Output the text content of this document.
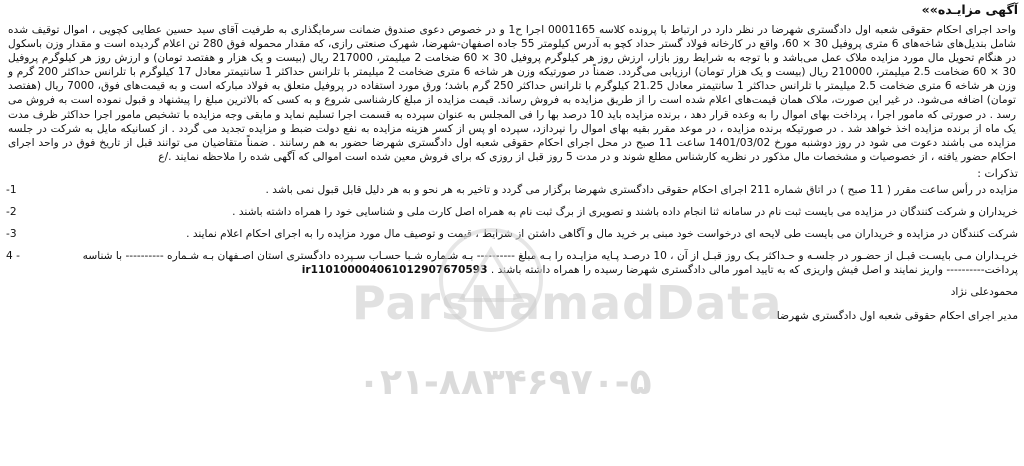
آگهی مزایـده»»

واحد اجرای احکام حقوقی شعبه اول دادگستری شهرضا در نظر دارد در ارتباط با پرونده کلاسه 0001165 اجرا ح1 و در خصوص دعوی صندوق ضمانت سرمایگذاری به طرفیت آقای سید حسین عطایی کچویی ، اموال توقیف شده شامل بندیل‌های شاخه‌های 6 متری پروفیل 30 × 60، واقع در کارخانه فولاد گستر حداد کچو به آدرس کیلومتر 55 جاده اصفهان-شهرضا، شهرک صنعتی رازی، که مقدار محموله فوق 280 تن اعلام گردیده است و مقدار وزن باسکول در هنگام تحویل مال مورد مزایده ملاک عمل می‌باشد و با توجه به شرایط روز بازار، ارزش روز هر کیلوگرم پروفیل 30 × 60 ضخامت 2 میلیمتر، 217000 ریال (بیست و یک هزار و هفتصد تومان) و ارزش روز هر کیلوگرم پروفیل 30 × 60 ضخامت 2.5 میلیمتر، 210000 ریال (بیست و یک هزار تومان) ارزیابی می‌گردد. ضمناً در صورتیکه وزن هر شاخه 6 متری ضخامت 2 میلیمتر با تلرانس حداکثر 1 سانتیمتر معادل 17 کیلوگرم با تلرانس حداکثر 200 گرم و وزن هر شاخه 6 متری ضخامت 2.5 میلیمتر با تلرانس حداکثر 1 سانتیمتر معادل 21.25 کیلوگرم با تلرانس حداکثر 250 گرم باشد؛ ورق مورد استفاده در پروفیل متعلق به فولاد مبارکه است و به قیمت‌های فوق، 7000 ریال (هفتصد تومان) اضافه می‌شود. در غیر این صورت، ملاک همان قیمت‌های اعلام شده است را از طریق مزایده به فروش رساند. قیمت مزایده از مبلغ کارشناسی شروع و به کسی که بالاترین مبلغ را پیشنهاد و قبول نموده است به فروش می رسد . در صورتی که مامور اجرا ، پرداخت بهای اموال را به وعده قرار دهد ، برنده مزایده باید 10 درصد بها را فی المجلس به عنوان سپرده به قسمت اجرا تسلیم نماید و مابقی وجه مزایده با تشخیص مامور اجرا حداکثر ظرف مدت یک ماه از برنده مزایده اخذ خواهد شد . در صورتیکه برنده مزایده ، در موعد مقرر بقیه بهای اموال را نپردازد، سپرده او پس از کسر هزینه مزایده به نفع دولت ضبط و مزایده تجدید می گردد . از کسانیکه مایل به شرکت در جلسه مزایده می باشند دعوت می شود در روز دوشنبه مورخ 1401/03/02 ساعت 11 صبح در محل اجرای احکام حقوقی شعبه اول دادگستری شهرضا حضور به هم رسانند . ضمناً متقاضیان می توانند قبل از تاریخ فوق در واحد اجرای احکام حضور یافته ، از خصوصیات و مشخصات مال مذکور در نظریه کارشناس مطلع شوند و در مدت 5 روز قبل از روزی که برای فروش معین شده است اموالی که آگهی شده را ملاحظه نمایند ./ع

تذکرات :
مزایده در رأس ساعت مقرر ( 11 صبح ) در اتاق شماره 211 اجرای احکام حقوقی دادگستری شهرضا برگزار می گردد و تاخیر به هر نحو و به هر دلیل قابل قبول نمی باشد .
-1
خریداران و شرکت کنندگان در مزایده می بایست ثبت نام در سامانه ثنا انجام داده باشند و تصویری از برگ ثبت نام به همراه اصل کارت ملی و شناسایی خود را همراه داشته باشند .
-2
شرکت کنندگان در مزایده و خریداران می بایست طی لایحه ای درخواست خود مبنی بر خرید مال و آگاهی داشتن از شرایط ، قیمت و توصیف مال مورد مزایده را به اجرای احکام اعلام نمایند .
-3
خریـداران مـی بایسـت قبـل از حضـور در جلسـه و حـداکثر یـک روز قبـل از آن ، 10 درصـد پـایه مزایـده را بـه مبلغ ---------- بـه شـماره شـبا حسـاب سـپرده دادگستری استان اصـفهان بـه شـماره ---------- با شناسه پرداخت---------- واریز نمایند و اصل فیش واریزی که به تایید امور مالی دادگستری شهرضا رسیده را همراه داشته باشند . ir110100004061012907670593
4 -
محمودعلی نژاد
مدیر اجرای احکام حقوقی شعبه اول دادگستری شهرضا
ParsNamadData
۰۲۱-۸۸۳۴۶۹۷۰-۵
